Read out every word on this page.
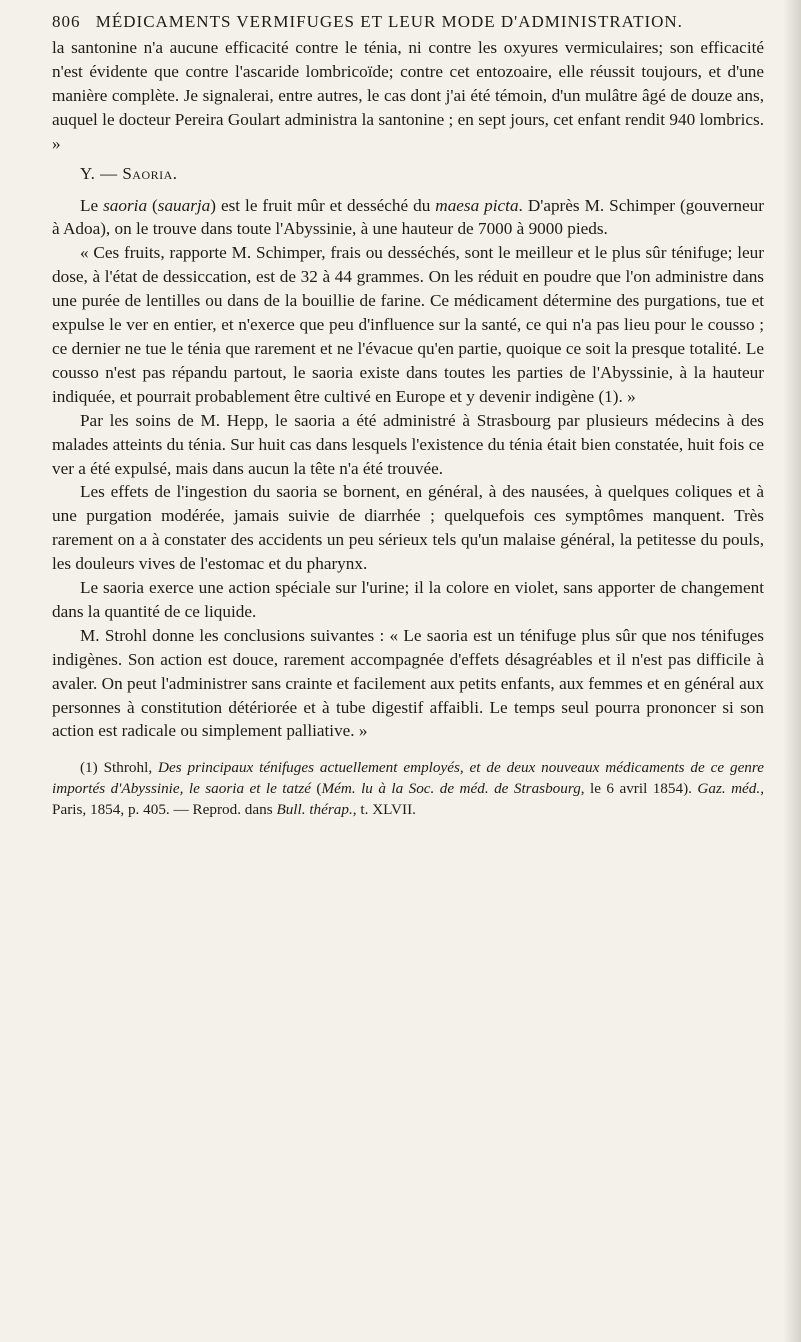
806 MÉDICAMENTS VERMIFUGES ET LEUR MODE D'ADMINISTRATION.

la santonine n'a aucune efficacité contre le ténia, ni contre les oxyures vermiculaires; son efficacité n'est évidente que contre l'ascaride lombricoïde; contre cet entozoaire, elle réussit toujours, et d'une manière complète. Je signalerai, entre autres, le cas dont j'ai été témoin, d'un mulâtre âgé de douze ans, auquel le docteur Pereira Goulart administra la santonine ; en sept jours, cet enfant rendit 940 lombrics. »

Y. — Saoria.

Le saoria (sauarja) est le fruit mûr et desséché du maesa picta. D'après M. Schimper (gouverneur à Adoa), on le trouve dans toute l'Abyssinie, à une hauteur de 7000 à 9000 pieds.

« Ces fruits, rapporte M. Schimper, frais ou desséchés, sont le meilleur et le plus sûr ténifuge; leur dose, à l'état de dessiccation, est de 32 à 44 grammes. On les réduit en poudre que l'on administre dans une purée de lentilles ou dans de la bouillie de farine. Ce médicament détermine des purgations, tue et expulse le ver en entier, et n'exerce que peu d'influence sur la santé, ce qui n'a pas lieu pour le cousso ; ce dernier ne tue le ténia que rarement et ne l'évacue qu'en partie, quoique ce soit la presque totalité. Le cousso n'est pas répandu partout, le saoria existe dans toutes les parties de l'Abyssinie, à la hauteur indiquée, et pourrait probablement être cultivé en Europe et y devenir indigène (1). »

Par les soins de M. Hepp, le saoria a été administré à Strasbourg par plusieurs médecins à des malades atteints du ténia. Sur huit cas dans lesquels l'existence du ténia était bien constatée, huit fois ce ver a été expulsé, mais dans aucun la tête n'a été trouvée.

Les effets de l'ingestion du saoria se bornent, en général, à des nausées, à quelques coliques et à une purgation modérée, jamais suivie de diarrhée ; quelquefois ces symptômes manquent. Très rarement on a à constater des accidents un peu sérieux tels qu'un malaise général, la petitesse du pouls, les douleurs vives de l'estomac et du pharynx.

Le saoria exerce une action spéciale sur l'urine; il la colore en violet, sans apporter de changement dans la quantité de ce liquide.

M. Strohl donne les conclusions suivantes : « Le saoria est un ténifuge plus sûr que nos ténifuges indigènes. Son action est douce, rarement accompagnée d'effets désagréables et il n'est pas difficile à avaler. On peut l'administrer sans crainte et facilement aux petits enfants, aux femmes et en général aux personnes à constitution détériorée et à tube digestif affaibli. Le temps seul pourra prononcer si son action est radicale ou simplement palliative. »

(1) Sthrohl, Des principaux ténifuges actuellement employés, et de deux nouveaux médicaments de ce genre importés d'Abyssinie, le saoria et le tatzé (Mém. lu à la Soc. de méd. de Strasbourg, le 6 avril 1854). Gaz. méd., Paris, 1854, p. 405. — Reprod. dans Bull. thérap., t. XLVII.
